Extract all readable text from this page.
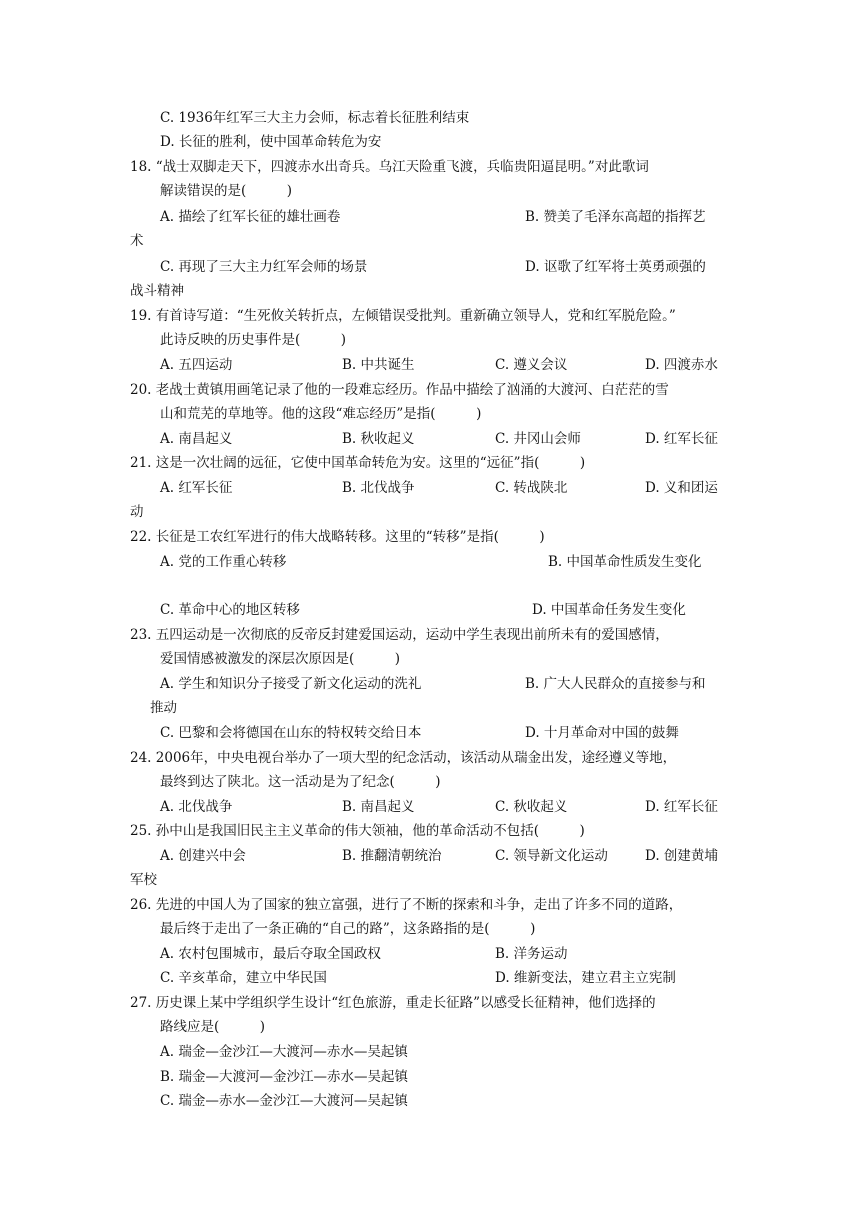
C. 1936年红军三大主力会师，标志着长征胜利结束
D. 长征的胜利，使中国革命转危为安
18. “战士双脚走天下，四渡赤水出奇兵。乌江天险重飞渡，兵临贵阳逼昆明。”对此歌词
解读错误的是(　　　)
A. 描绘了红军长征的雄壮画卷	B. 赞美了毛泽东高超的指挥艺
术
C. 再现了三大主力红军会师的场景	D. 讴歌了红军将士英勇顽强的
战斗精神
19. 有首诗写道：“生死攸关转折点，左倾错误受批判。重新确立领导人，党和红军脱危险。”
此诗反映的历史事件是(　　　)
A. 五四运动	B. 中共诞生	C. 遵义会议	D. 四渡赤水
20. 老战士黄镇用画笔记录了他的一段难忘经历。作品中描绘了汹涌的大渡河、白茫茫的雪
山和荒芜的草地等。他的这段“难忘经历”是指(　　　)
A. 南昌起义	B. 秋收起义	C. 井冈山会师	D. 红军长征
21. 这是一次壮阔的远征，它使中国革命转危为安。这里的“远征”指(　　　)
A. 红军长征	B. 北伐战争	C. 转战陕北	D. 义和团运
动
22. 长征是工农红军进行的伟大战略转移。这里的“转移”是指(　　　)
A. 党的工作重心转移	B. 中国革命性质发生变化
C. 革命中心的地区转移	D. 中国革命任务发生变化
23. 五四运动是一次彻底的反帝反封建爱国运动，运动中学生表现出前所未有的爱国感情，
爱国情感被激发的深层次原因是(　　　)
A. 学生和知识分子接受了新文化运动的洗礼	B. 广大人民群众的直接参与和
推动
C. 巴黎和会将德国在山东的特权转交给日本	D. 十月革命对中国的鼓舞
24. 2006年，中央电视台举办了一项大型的纪念活动，该活动从瑞金出发，途经遵义等地，
最终到达了陕北。这一活动是为了纪念(　　　)
A. 北伐战争	B. 南昌起义	C. 秋收起义	D. 红军长征
25. 孙中山是我国旧民主主义革命的伟大领袖，他的革命活动不包括(　　　)
A. 创建兴中会	B. 推翻清朝统治	C. 领导新文化运动	D. 创建黄埔
军校
26. 先进的中国人为了国家的独立富强，进行了不断的探索和斗争，走出了许多不同的道路，
最后终于走出了一条正确的“自己的路”，这条路指的是(　　　)
A. 农村包围城市，最后夺取全国政权	B. 洋务运动
C. 辛亥革命，建立中华民国	D. 维新变法，建立君主立宪制
27. 历史课上某中学组织学生设计“红色旅游，重走长征路”以感受长征精神，他们选择的
路线应是(　　　)
A. 瑞金—金沙江—大渡河—赤水—吴起镇
B. 瑞金—大渡河—金沙江—赤水—吴起镇
C. 瑞金—赤水—金沙江—大渡河—吴起镇
